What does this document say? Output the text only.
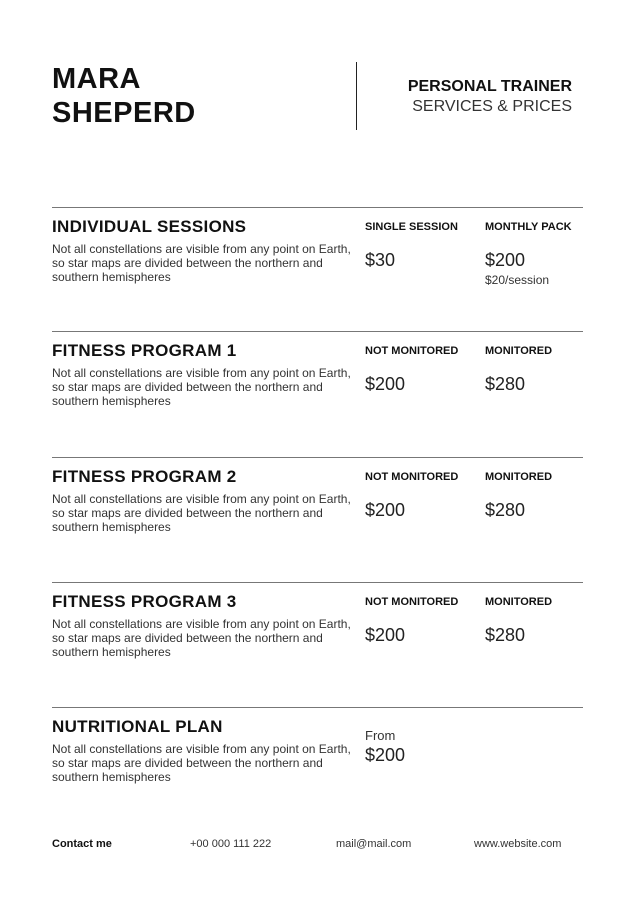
MARA
SHEPERD
PERSONAL TRAINER
SERVICES & PRICES
INDIVIDUAL SESSIONS
Not all constellations are visible from any point on Earth, so star maps are divided between the northern and southern hemispheres
SINGLE SESSION
$30
MONTHLY PACK
$200
$20/session
FITNESS PROGRAM 1
Not all constellations are visible from any point on Earth, so star maps are divided between the northern and southern hemispheres
NOT MONITORED
$200
MONITORED
$280
FITNESS PROGRAM 2
Not all constellations are visible from any point on Earth, so star maps are divided between the northern and southern hemispheres
NOT MONITORED
$200
MONITORED
$280
FITNESS PROGRAM 3
Not all constellations are visible from any point on Earth, so star maps are divided between the northern and southern hemispheres
NOT MONITORED
$200
MONITORED
$280
NUTRITIONAL PLAN
Not all constellations are visible from any point on Earth, so star maps are divided between the northern and southern hemispheres
From
$200
Contact me	+00 000 111 222	mail@mail.com	www.website.com
